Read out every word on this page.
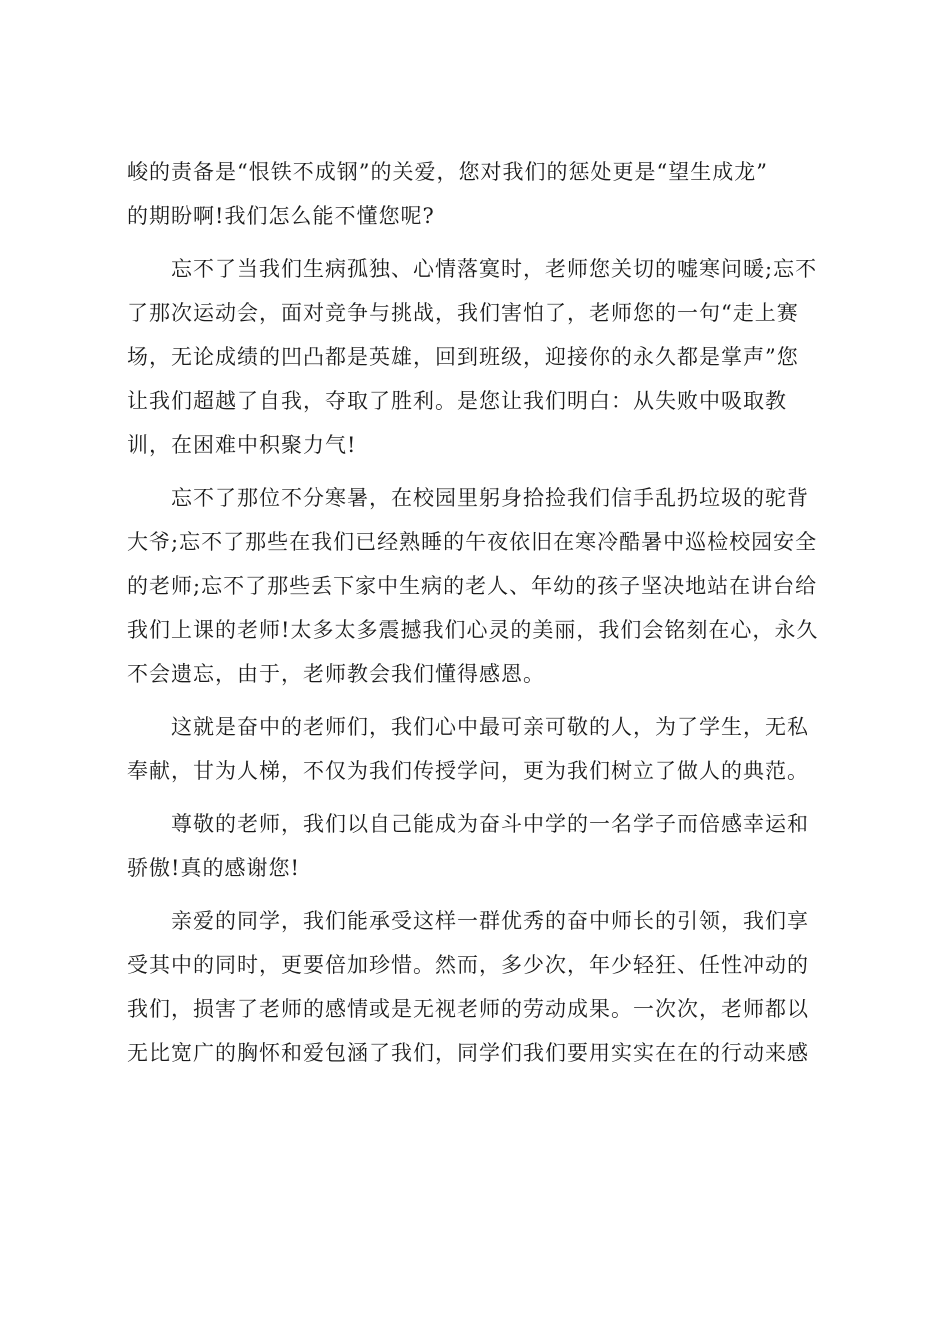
峻的责备是“恨铁不成钢”的关爱，您对我们的惩处更是“望生成龙”
的期盼啊!我们怎么能不懂您呢?
忘不了当我们生病孤独、心情落寞时，老师您关切的嘘寒问暖;忘不
了那次运动会，面对竞争与挑战，我们害怕了，老师您的一句“走上赛
场，无论成绩的凹凸都是英雄，回到班级，迎接你的永久都是掌声”您
让我们超越了自我，夺取了胜利。是您让我们明白：从失败中吸取教
训，在困难中积聚力气!
忘不了那位不分寒暑，在校园里躬身拾捡我们信手乱扔垃圾的驼背
大爷;忘不了那些在我们已经熟睡的午夜依旧在寒冷酷暑中巡检校园安全
的老师;忘不了那些丢下家中生病的老人、年幼的孩子坚决地站在讲台给
我们上课的老师!太多太多震撼我们心灵的美丽，我们会铭刻在心，永久
不会遗忘，由于，老师教会我们懂得感恩。
这就是奋中的老师们，我们心中最可亲可敬的人，为了学生，无私
奉献，甘为人梯，不仅为我们传授学问，更为我们树立了做人的典范。
尊敬的老师，我们以自己能成为奋斗中学的一名学子而倍感幸运和
骄傲!真的感谢您!
亲爱的同学，我们能承受这样一群优秀的奋中师长的引领，我们享
受其中的同时，更要倍加珍惜。然而，多少次，年少轻狂、任性冲动的
我们，损害了老师的感情或是无视老师的劳动成果。一次次，老师都以
无比宽广的胸怀和爱包涵了我们，同学们我们要用实实在在的行动来感
